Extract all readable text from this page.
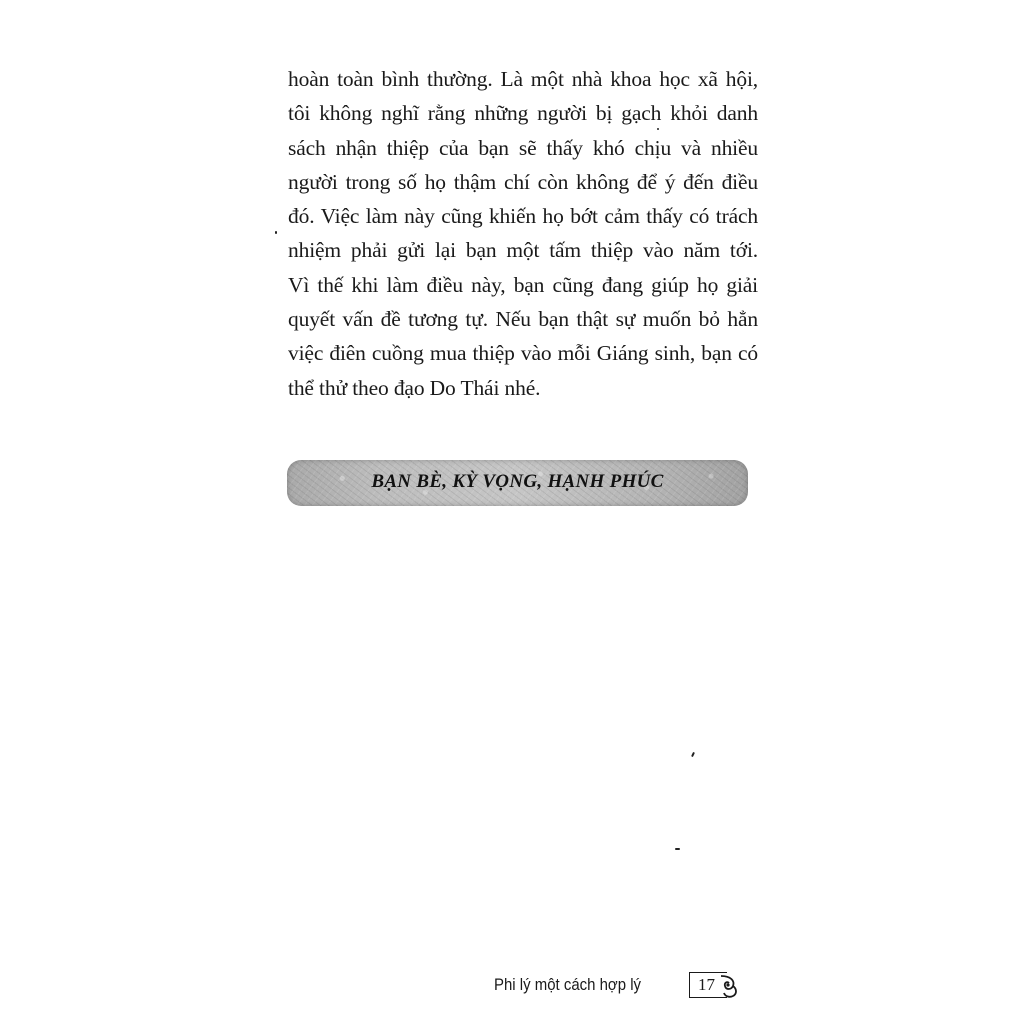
hoàn toàn bình thường. Là một nhà khoa học xã hội,
tôi không nghĩ rằng những người bị gạch khỏi danh
sách nhận thiệp của bạn sẽ thấy khó chịu và nhiều
người trong số họ thậm chí còn không để ý đến điều
đó. Việc làm này cũng khiến họ bớt cảm thấy có trách
nhiệm phải gửi lại bạn một tấm thiệp vào năm tới.
Vì thế khi làm điều này, bạn cũng đang giúp họ giải
quyết vấn đề tương tự. Nếu bạn thật sự muốn bỏ hẳn
việc điên cuồng mua thiệp vào mỗi Giáng sinh, bạn có
thể thử theo đạo Do Thái nhé.
BẠN BÈ, KỲ VỌNG, HẠNH PHÚC
Phi lý một cách hợp lý	17
